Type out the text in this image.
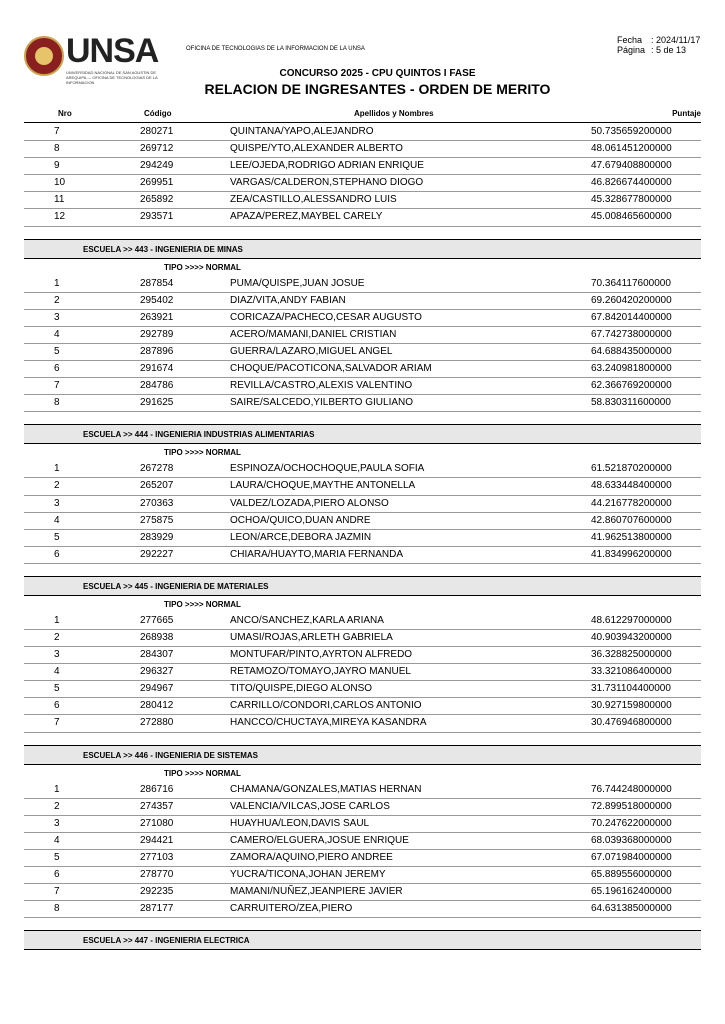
UNSA
UNIVERSIDAD NACIONAL DE SAN AGUSTIN DE AREQUIPA — OFICINA DE TECNOLOGIAS DE LA INFORMACION
OFICINA DE TECNOLOGIAS DE LA INFORMACION DE LA UNSA
Fecha : 2024/11/17
Página : 5 de 13
CONCURSO 2025 - CPU QUINTOS I FASE
RELACION DE INGRESANTES - ORDEN DE MERITO
Nro	Código	Apellidos y Nombres	Puntaje
7	280271	QUINTANA/YAPO,ALEJANDRO	50.735659200000
8	269712	QUISPE/YTO,ALEXANDER ALBERTO	48.061451200000
9	294249	LEE/OJEDA,RODRIGO ADRIAN ENRIQUE	47.679408800000
10	269951	VARGAS/CALDERON,STEPHANO DIOGO	46.826674400000
11	265892	ZEA/CASTILLO,ALESSANDRO LUIS	45.328677800000
12	293571	APAZA/PEREZ,MAYBEL CARELY	45.008465600000
ESCUELA >> 443 - INGENIERIA DE MINAS
TIPO >>>> NORMAL
1	287854	PUMA/QUISPE,JUAN JOSUE	70.364117600000
2	295402	DIAZ/VITA,ANDY FABIAN	69.260420200000
3	263921	CORICAZA/PACHECO,CESAR AUGUSTO	67.842014400000
4	292789	ACERO/MAMANI,DANIEL CRISTIAN	67.742738000000
5	287896	GUERRA/LAZARO,MIGUEL ANGEL	64.688435000000
6	291674	CHOQUE/PACOTICONA,SALVADOR ARIAM	63.240981800000
7	284786	REVILLA/CASTRO,ALEXIS VALENTINO	62.366769200000
8	291625	SAIRE/SALCEDO,YILBERTO GIULIANO	58.830311600000
ESCUELA >> 444 - INGENIERIA INDUSTRIAS ALIMENTARIAS
TIPO >>>> NORMAL
1	267278	ESPINOZA/OCHOCHOQUE,PAULA SOFIA	61.521870200000
2	265207	LAURA/CHOQUE,MAYTHE ANTONELLA	48.633448400000
3	270363	VALDEZ/LOZADA,PIERO ALONSO	44.216778200000
4	275875	OCHOA/QUICO,DUAN ANDRE	42.860707600000
5	283929	LEON/ARCE,DEBORA JAZMIN	41.962513800000
6	292227	CHIARA/HUAYTO,MARIA FERNANDA	41.834996200000
ESCUELA >> 445 - INGENIERIA DE MATERIALES
TIPO >>>> NORMAL
1	277665	ANCO/SANCHEZ,KARLA ARIANA	48.612297000000
2	268938	UMASI/ROJAS,ARLETH GABRIELA	40.903943200000
3	284307	MONTUFAR/PINTO,AYRTON ALFREDO	36.328825000000
4	296327	RETAMOZO/TOMAYO,JAYRO MANUEL	33.321086400000
5	294967	TITO/QUISPE,DIEGO ALONSO	31.731104400000
6	280412	CARRILLO/CONDORI,CARLOS ANTONIO	30.927159800000
7	272880	HANCCO/CHUCTAYA,MIREYA KASANDRA	30.476946800000
ESCUELA >> 446 - INGENIERIA DE SISTEMAS
TIPO >>>> NORMAL
1	286716	CHAMANA/GONZALES,MATIAS HERNAN	76.744248000000
2	274357	VALENCIA/VILCAS,JOSE CARLOS	72.899518000000
3	271080	HUAYHUA/LEON,DAVIS SAUL	70.247622000000
4	294421	CAMERO/ELGUERA,JOSUE ENRIQUE	68.039368000000
5	277103	ZAMORA/AQUINO,PIERO ANDREE	67.071984000000
6	278770	YUCRA/TICONA,JOHAN JEREMY	65.889556000000
7	292235	MAMANI/NUÑEZ,JEANPIERE JAVIER	65.196162400000
8	287177	CARRUITERO/ZEA,PIERO	64.631385000000
ESCUELA >> 447 - INGENIERIA ELECTRICA
